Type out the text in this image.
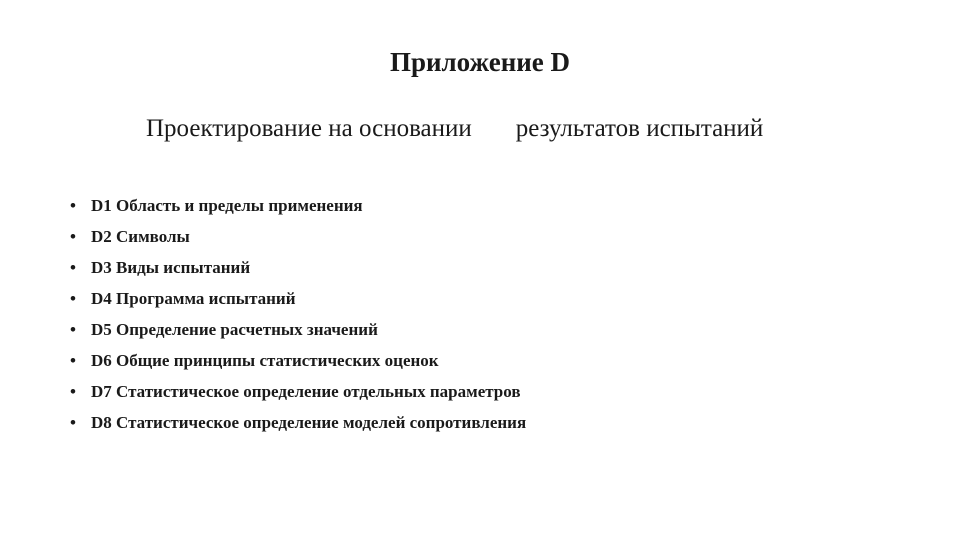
Приложение D
Проектирование на основании результатов испытаний
• D1 Область и пределы применения
• D2 Символы
• D3 Виды испытаний
• D4 Программа испытаний
• D5 Определение расчетных значений
• D6 Общие принципы статистических оценок
• D7 Статистическое определение отдельных параметров
• D8 Статистическое определение моделей сопротивления
